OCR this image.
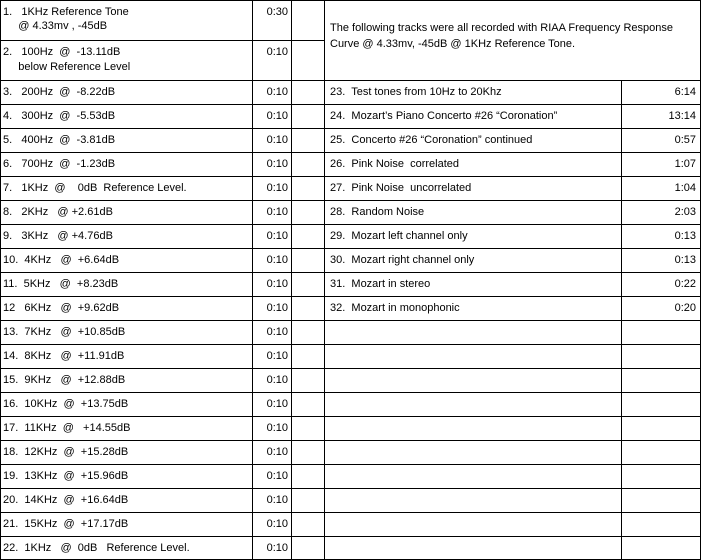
The following tracks were all recorded with RIAA Frequency Response
Curve @ 4.33mv, -45dB @ 1KHz Reference Tone.
1.   1KHz Reference Tone
@ 4.33mv , -45dB
0:30
2.   100Hz  @  -13.11dB
below Reference Level
0:10
3.   200Hz  @  -8.22dB	0:10
4.   300Hz  @  -5.53dB	0:10
5.   400Hz  @  -3.81dB	0:10
6.   700Hz  @  -1.23dB	0:10
7.   1KHz  @    0dB  Reference Level.	0:10
8.   2KHz   @ +2.61dB	0:10
9.   3KHz   @ +4.76dB	0:10
10.  4KHz   @  +6.64dB	0:10
11.  5KHz   @  +8.23dB	0:10
12   6KHz   @  +9.62dB	0:10
13.  7KHz   @  +10.85dB	0:10
14.  8KHz   @  +11.91dB	0:10
15.  9KHz   @  +12.88dB	0:10
16.  10KHz  @  +13.75dB	0:10
17.  11KHz  @   +14.55dB	0:10
18.  12KHz  @  +15.28dB	0:10
19.  13KHz  @  +15.96dB	0:10
20.  14KHz  @  +16.64dB	0:10
21.  15KHz  @  +17.17dB	0:10
22.  1KHz   @  0dB   Reference Level.	0:10
23.  Test tones from 10Hz to 20Khz	6:14
24.  Mozart’s Piano Concerto #26 “Coronation”	13:14
25.  Concerto #26 “Coronation” continued	0:57
26.  Pink Noise  correlated	1:07
27.  Pink Noise  uncorrelated	1:04
28.  Random Noise	2:03
29.  Mozart left channel only	0:13
30.  Mozart right channel only	0:13
31.  Mozart in stereo	0:22
32.  Mozart in monophonic	0:20
